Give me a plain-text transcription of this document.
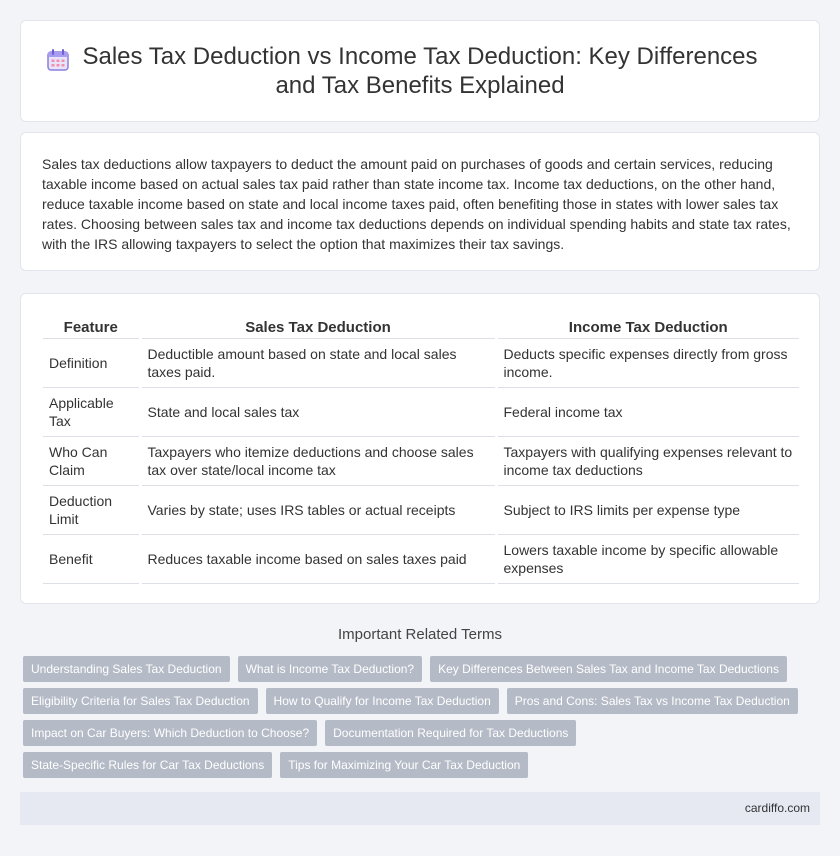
Sales Tax Deduction vs Income Tax Deduction: Key Differences and Tax Benefits Explained

Sales tax deductions allow taxpayers to deduct the amount paid on purchases of goods and certain services, reducing taxable income based on actual sales tax paid rather than state income tax. Income tax deductions, on the other hand, reduce taxable income based on state and local income taxes paid, often benefiting those in states with lower sales tax rates. Choosing between sales tax and income tax deductions depends on individual spending habits and state tax rates, with the IRS allowing taxpayers to select the option that maximizes their tax savings.

Feature	Sales Tax Deduction	Income Tax Deduction
Definition	Deductible amount based on state and local sales taxes paid.	Deducts specific expenses directly from gross income.
Applicable Tax	State and local sales tax	Federal income tax
Who Can Claim	Taxpayers who itemize deductions and choose sales tax over state/local income tax	Taxpayers with qualifying expenses relevant to income tax deductions
Deduction Limit	Varies by state; uses IRS tables or actual receipts	Subject to IRS limits per expense type
Benefit	Reduces taxable income based on sales taxes paid	Lowers taxable income by specific allowable expenses
Important Related Terms
Understanding Sales Tax Deduction	What is Income Tax Deduction?	Key Differences Between Sales Tax and Income Tax Deductions
Eligibility Criteria for Sales Tax Deduction	How to Qualify for Income Tax Deduction	Pros and Cons: Sales Tax vs Income Tax Deduction
Impact on Car Buyers: Which Deduction to Choose?	Documentation Required for Tax Deductions
State-Specific Rules for Car Tax Deductions	Tips for Maximizing Your Car Tax Deduction
cardiffo.com
